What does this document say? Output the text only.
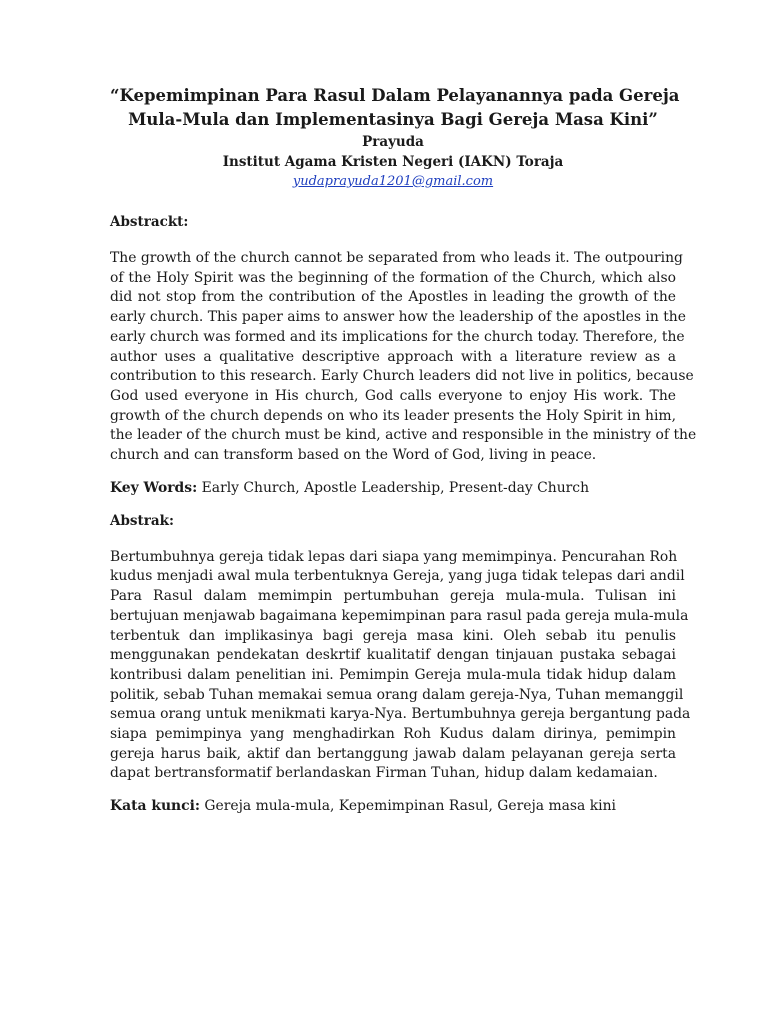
“Kepemimpinan Para Rasul Dalam Pelayanannya pada Gereja
Mula-Mula dan Implementasinya Bagi Gereja Masa Kini”

Prayuda

Institut Agama Kristen Negeri (IAKN) Toraja

yudaprayuda1201@gmail.com

Abstrackt:

The growth of the church cannot be separated from who leads it. The outpouring
of the Holy Spirit was the beginning of the formation of the Church, which also
did not stop from the contribution of the Apostles in leading the growth of the
early church. This paper aims to answer how the leadership of the apostles in the
early church was formed and its implications for the church today. Therefore, the
author uses a qualitative descriptive approach with a literature review as a
contribution to this research. Early Church leaders did not live in politics, because
God used everyone in His church, God calls everyone to enjoy His work. The
growth of the church depends on who its leader presents the Holy Spirit in him,
the leader of the church must be kind, active and responsible in the ministry of the
church and can transform based on the Word of God, living in peace.

Key Words: Early Church, Apostle Leadership, Present-day Church

Abstrak:

Bertumbuhnya gereja tidak lepas dari siapa yang memimpinya. Pencurahan Roh
kudus menjadi awal mula terbentuknya Gereja, yang juga tidak telepas dari andil
Para Rasul dalam memimpin pertumbuhan gereja mula-mula. Tulisan ini
bertujuan menjawab bagaimana kepemimpinan para rasul pada gereja mula-mula
terbentuk dan implikasinya bagi gereja masa kini. Oleh sebab itu penulis
menggunakan pendekatan deskrtif kualitatif dengan tinjauan pustaka sebagai
kontribusi dalam penelitian ini. Pemimpin Gereja mula-mula tidak hidup dalam
politik, sebab Tuhan memakai semua orang dalam gereja-Nya, Tuhan memanggil
semua orang untuk menikmati karya-Nya. Bertumbuhnya gereja bergantung pada
siapa pemimpinya yang menghadirkan Roh Kudus dalam dirinya, pemimpin
gereja harus baik, aktif dan bertanggung jawab dalam pelayanan gereja serta
dapat bertransformatif berlandaskan Firman Tuhan, hidup dalam kedamaian.

Kata kunci: Gereja mula-mula, Kepemimpinan Rasul, Gereja masa kini
